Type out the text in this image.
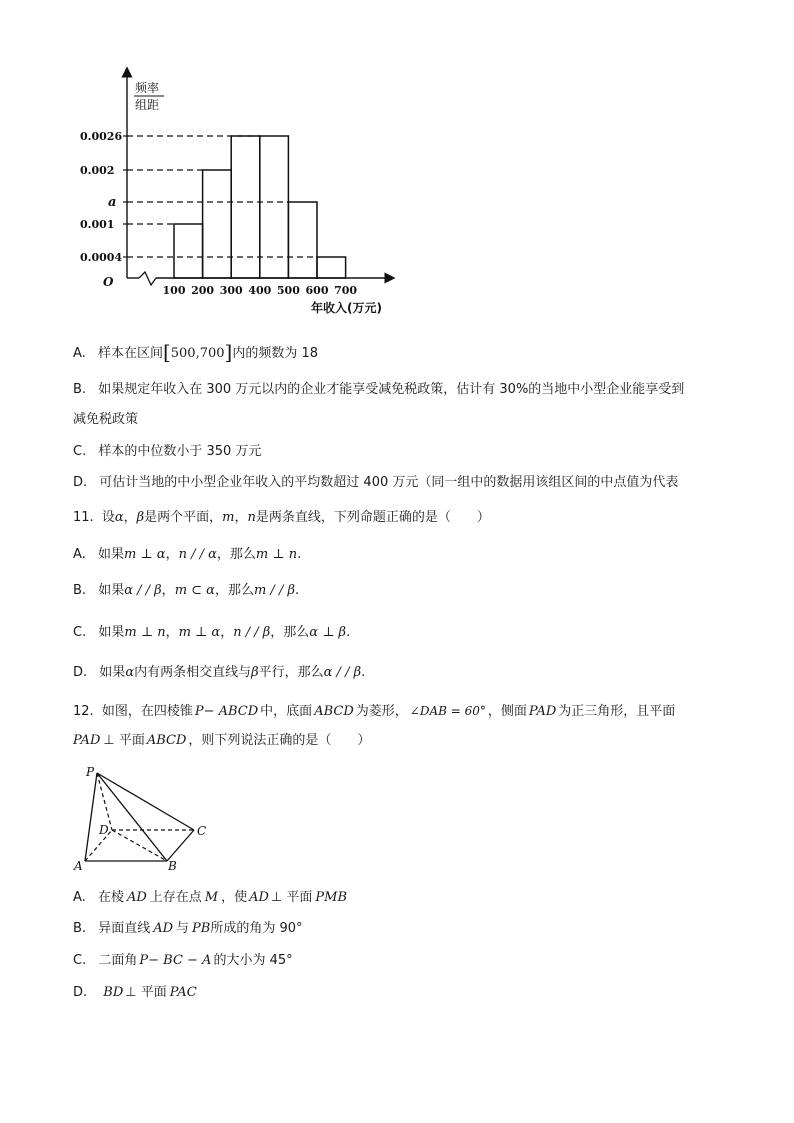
频率
组距
O
年收入(万元)
0.0026
0.002
a
0.001
0.0004
100 200 300 400 500 600 700
A. 样本在区间[500,700]内的频数为 18
B. 如果规定年收入在 300 万元以内的企业才能享受减免税政策，估计有 30%的当地中小型企业能享受到
减免税政策
C. 样本的中位数小于 350 万元
D. 可估计当地的中小型企业年收入的平均数超过 400 万元（同一组中的数据用该组区间的中点值为代表
11. 设α，β是两个平面，m，n是两条直线，下列命题正确的是（　　）
A. 如果m ⊥ α，n / / α，那么m ⊥ n.
B. 如果α / / β，m ⊂ α，那么m / / β.
C. 如果m ⊥ n，m ⊥ α，n / / β，那么α ⊥ β.
D. 如果α内有两条相交直线与β平行，那么α / / β.
12. 如图，在四棱锥 P− ABCD 中，底面 ABCD 为菱形， ∠DAB = 60° ，侧面 PAD 为正三角形，且平面
PAD ⊥ 平面 ABCD ，则下列说法正确的是（　　）
P
D	C
A	B
A. 在棱 AD 上存在点 M ，使 AD ⊥ 平面 PMB
B. 异面直线 AD 与 PB所成的角为 90°
C. 二面角 P− BC − A 的大小为 45°
D. BD ⊥ 平面 PAC
